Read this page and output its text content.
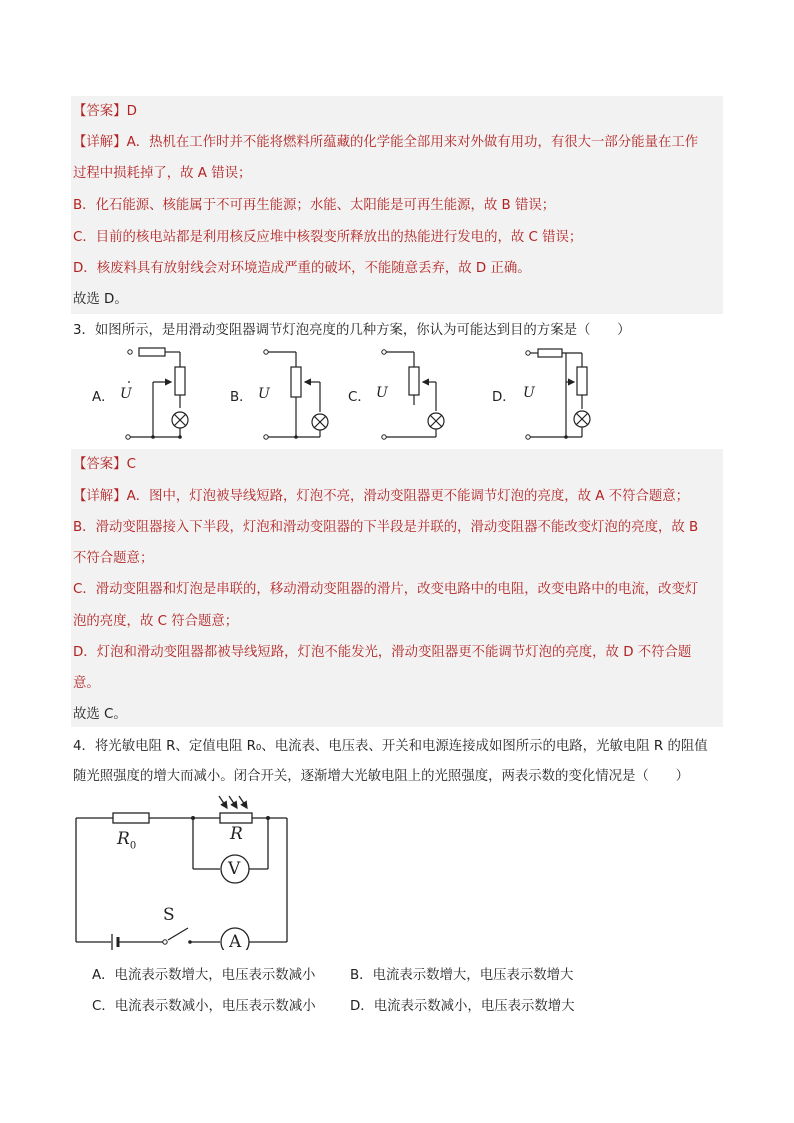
【答案】D
【详解】A．热机在工作时并不能将燃料所蕴藏的化学能全部用来对外做有用功，有很大一部分能量在工作
过程中损耗掉了，故 A 错误；
B．化石能源、核能属于不可再生能源；水能、太阳能是可再生能源，故 B 错误；
C．目前的核电站都是利用核反应堆中核裂变所释放出的热能进行发电的，故 C 错误；
D．核废料具有放射线会对环境造成严重的破坏，不能随意丢弃，故 D 正确。
故选 D。
3．如图所示，是用滑动变阻器调节灯泡亮度的几种方案，你认为可能达到目的方案是（　　）
A． U	B． U	C． U	D． U
【答案】C
【详解】A．图中，灯泡被导线短路，灯泡不亮，滑动变阻器更不能调节灯泡的亮度，故 A 不符合题意；
B．滑动变阻器接入下半段，灯泡和滑动变阻器的下半段是并联的，滑动变阻器不能改变灯泡的亮度，故 B
不符合题意；
C．滑动变阻器和灯泡是串联的，移动滑动变阻器的滑片，改变电路中的电阻，改变电路中的电流，改变灯
泡的亮度，故 C 符合题意；
D．灯泡和滑动变阻器都被导线短路，灯泡不能发光，滑动变阻器更不能调节灯泡的亮度，故 D 不符合题
意。
故选 C。
4．将光敏电阻 R、定值电阻 R₀、电流表、电压表、开关和电源连接成如图所示的电路，光敏电阻 R 的阻值
随光照强度的增大而减小。闭合开关，逐渐增大光敏电阻上的光照强度，两表示数的变化情况是（　　）
$R_0$
R
V
A
S
A．电流表示数增大，电压表示数减小	B．电流表示数增大，电压表示数增大
C．电流表示数减小，电压表示数减小	D．电流表示数减小，电压表示数增大
